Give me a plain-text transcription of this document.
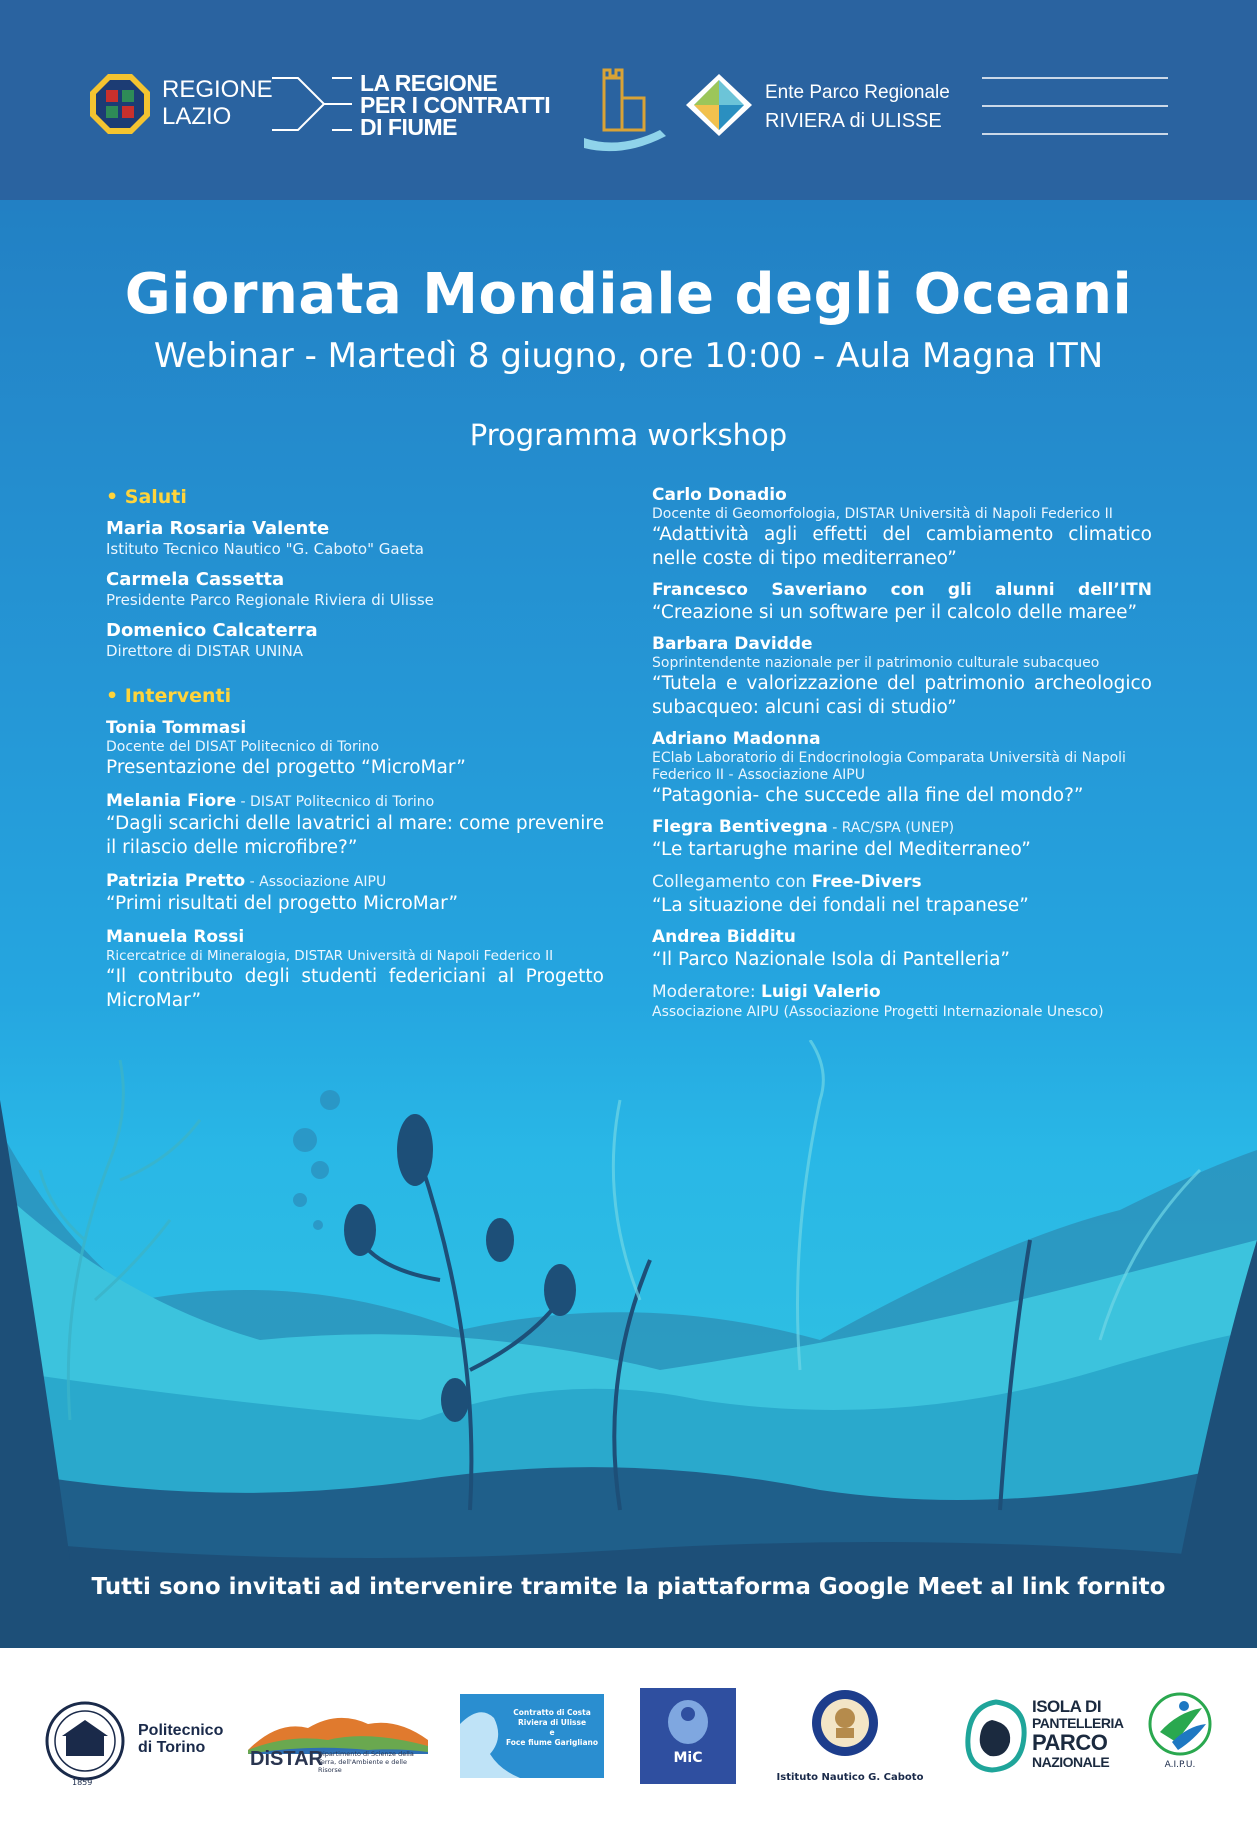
REGIONE
LAZIO
LA REGIONE
PER I CONTRATTI
DI FIUME
Ente Parco Regionale
RIVIERA di ULISSE
Giornata Mondiale degli Oceani
Webinar - Martedì 8 giugno, ore 10:00 - Aula Magna ITN
Programma workshop
• Saluti
Maria Rosaria Valente
Istituto Tecnico Nautico "G. Caboto" Gaeta
Carmela Cassetta
Presidente Parco Regionale Riviera di Ulisse
Domenico Calcaterra
Direttore di DISTAR UNINA
• Interventi
Tonia Tommasi
Docente del DISAT Politecnico di Torino
Presentazione del progetto “MicroMar”
Melania Fiore - DISAT Politecnico di Torino
“Dagli scarichi delle lavatrici al mare: come prevenire il rilascio delle microfibre?”
Patrizia Pretto - Associazione AIPU
“Primi risultati del progetto MicroMar”
Manuela Rossi
Ricercatrice di Mineralogia, DISTAR Università di Napoli Federico II
“Il contributo degli studenti federiciani al Progetto MicroMar”
Carlo Donadio
Docente di Geomorfologia, DISTAR Università di Napoli Federico II
“Adattività agli effetti del cambiamento climatico nelle coste di tipo mediterraneo”
Francesco Saveriano con gli alunni dell’ITN
“Creazione si un software per il calcolo delle maree”
Barbara Davidde
Soprintendente nazionale per il patrimonio culturale subacqueo
“Tutela e valorizzazione del patrimonio archeologico subacqueo: alcuni casi di studio”
Adriano Madonna
EClab Laboratorio di Endocrinologia Comparata Università di Napoli Federico II - Associazione AIPU
“Patagonia- che succede alla fine del mondo?”
Flegra Bentivegna - RAC/SPA (UNEP)
“Le tartarughe marine del Mediterraneo”
Collegamento con Free-Divers
“La situazione dei fondali nel trapanese”
Andrea Bidditu
“Il Parco Nazionale Isola di Pantelleria”
Moderatore: Luigi Valerio
Associazione AIPU (Associazione Progetti Internazionale Unesco)
Tutti sono invitati ad intervenire tramite la piattaforma Google Meet al link fornito
1859
Politecnico
di Torino
DiSTAR
Dipartimento di Scienze della Terra, dell'Ambiente e delle Risorse
Contratto di Costa
Riviera di Ulisse
e
Foce fiume Garigliano
MiC
Istituto Nautico G. Caboto
ISOLA DI
PANTELLERIA
PARCO
NAZIONALE	A.I.P.U.
